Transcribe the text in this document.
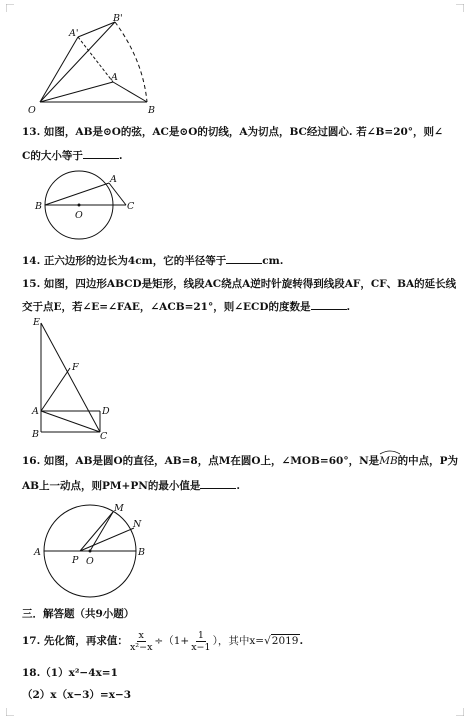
O	B
A
A'
B'
13. 如图，AB是⊙O的弦，AC是⊙O的切线，A为切点，BC经过圆心. 若∠B=20°，则∠
C的大小等于	.
B
A
C
O
14. 正六边形的边长为4cm，它的半径等于	cm.
15. 如图，四边形ABCD是矩形，线段AC绕点A逆时针旋转得到线段AF，CF、BA的延长线
交于点E，若∠E=∠FAE，∠ACB=21°，则∠ECD的度数是	.
E
F
A	D
B	C
16. 如图，AB是圆O的直径，AB=8，点M在圆O上，∠MOB=60°，N是
MB的中点，P为
AB上一动点，则PM+PN的最小值是	.
M
N
A	B
P O
三．解答题（共9小题）
17. 先化简，再求值： $\frac{x}{\text{x²−x}} \div(1+ \frac{1}{x-1}$ ），其中x=√2019.
18.（1）x²−4x=1
（2）x（x−3）=x−3
